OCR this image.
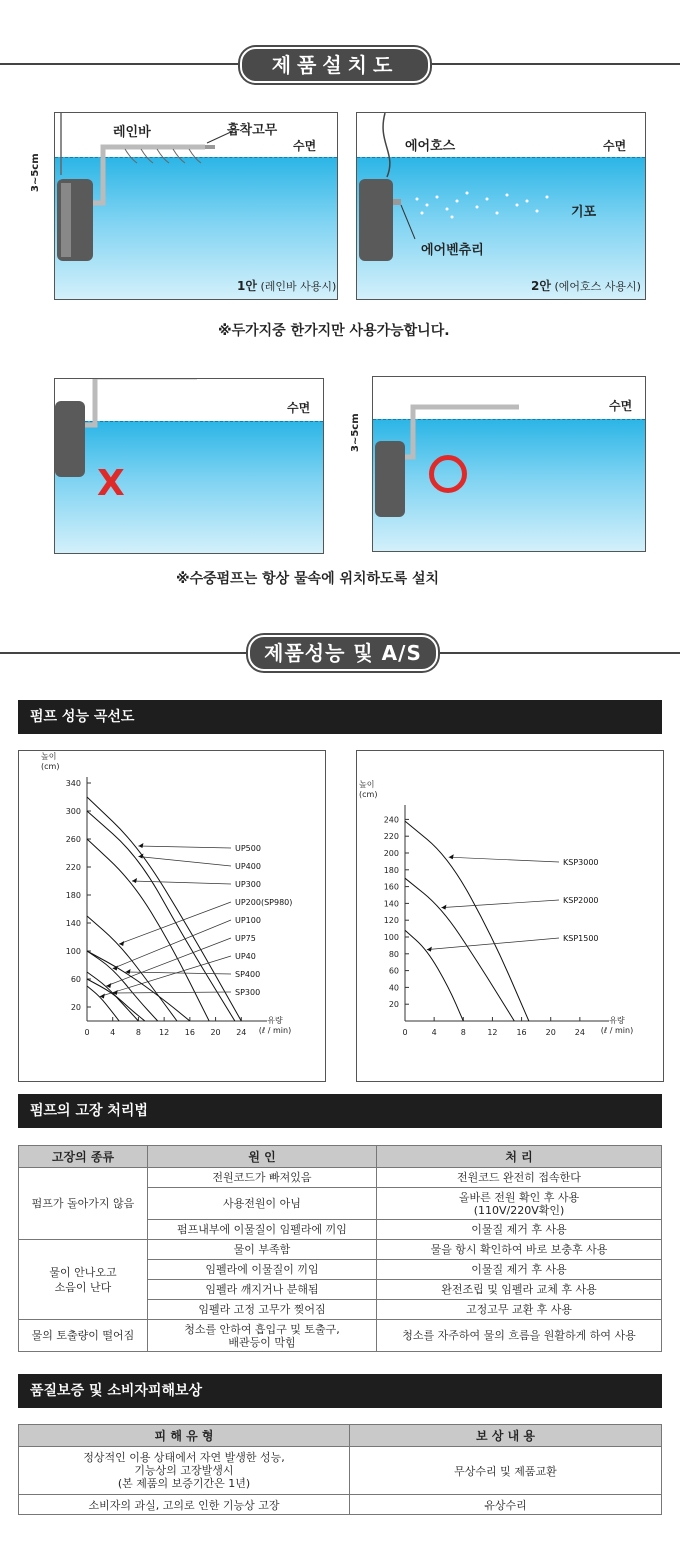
제품설치도
레인바	흡착고무
수면
1안 (레인바 사용시)
3~5cm
에어호스	수면
기포
에어벤츄리
2안 (에어호스 사용시)
※두가지중 한가지만 사용가능합니다.
수면
X
수면
3~5cm
※수중펌프는 항상 물속에 위치하도록 설치
제품성능 및 A/S
펌프 성능 곡선도
0	4	8 12 16 20 24
20
60
100
140
180
220
260
300
340
높이
(cm)
유량
(ℓ / min)
UP500
UP400
UP300
UP200(SP980)
UP100
UP75
UP40
SP400
SP300
0	4	8	12 16 20 24
20
40
60
80
100
120
140
160
180
200
220
240
높이
(cm)
유량
(ℓ / min)
KSP3000
KSP2000
KSP1500
펌프의 고장 처리법
고장의 종류	원 인	처 리
펌프가 돌아가지 않음	전원코드가 빠져있음	전원코드 완전히 접속한다
	사용전원이 아님	올바른 전원 확인 후 사용
(110V/220V확인)
	펌프내부에 이물질이 임펠라에 끼임	이물질 제거 후 사용
물이 안나오고
소음이 난다	물이 부족함	물을 항시 확인하여 바로 보충후 사용
	임펠라에 이물질이 끼임	이물질 제거 후 사용
	임펠라 깨지거나 분해됨	완전조립 및 임펠라 교체 후 사용
	임펠라 고정 고무가 찢어짐	고정고무 교환 후 사용
물의 토출량이 떨어짐	청소를 안하여 흡입구 및 토출구,
배관등이 막힘	청소를 자주하여 물의 흐름을 원활하게 하여 사용
품질보증 및 소비자피해보상
피 해 유 형	보 상 내 용
정상적인 이용 상태에서 자연 발생한 성능,
기능상의 고장발생시
(본 제품의 보증기간은 1년)	무상수리 및 제품교환
소비자의 과실, 고의로 인한 기능상 고장	유상수리
